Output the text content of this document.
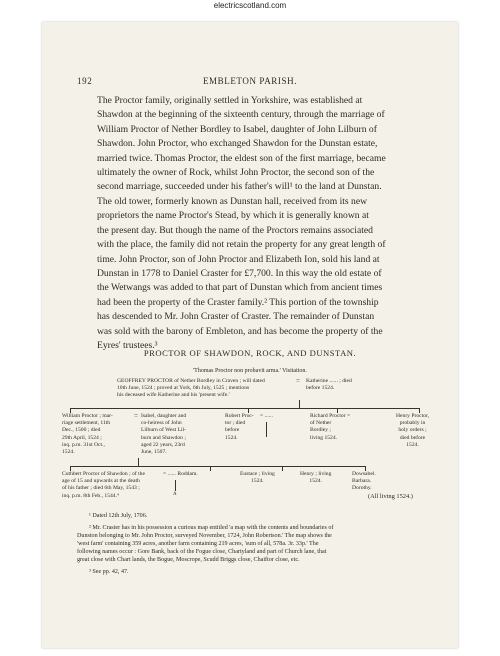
electricscotland.com
192	EMBLETON PARISH.
The Proctor family, originally settled in Yorkshire, was established at
Shawdon at the beginning of the sixteenth century, through the marriage of
William Proctor of Nether Bordley to Isabel, daughter of John Lilburn of
Shawdon. John Proctor, who exchanged Shawdon for the Dunstan estate,
married twice. Thomas Proctor, the eldest son of the first marriage, became
ultimately the owner of Rock, whilst John Proctor, the second son of the
second marriage, succeeded under his father's will¹ to the land at Dunstan.
The old tower, formerly known as Dunstan hall, received from its new
proprietors the name Proctor's Stead, by which it is generally known at
the present day. But though the name of the Proctors remains associated
with the place, the family did not retain the property for any great length of
time. John Proctor, son of John Proctor and Elizabeth Ion, sold his land at
Dunstan in 1778 to Daniel Craster for £7,700. In this way the old estate of
the Wetwangs was added to that part of Dunstan which from ancient times
had been the property of the Craster family.² This portion of the township
has descended to Mr. John Craster of Craster. The remainder of Dunstan
was sold with the barony of Embleton, and has become the property of the
Eyres' trustees.³
PROCTOR OF SHAWDON, ROCK, AND DUNSTAN.
'Thomas Proctor non probavit arma.' Visitation.
GEOFFREY PROCTOR of Nether Bordley in Craven ; will dated
10th June, 1524 ; proved at York, 6th July, 1525 ; mentions
his deceased wife Katherine and his 'present wife.'
= Katherine ...... ; died
before 1524.
William Proctor ; mar-
riage settlement, 11th
Dec., 1500 ; died
29th April, 1524 ;
inq. p.m. 31st Oct.,
1524.
= Isabel, daughter and
co-heiress of John
Lilburn of West Lil-
burn and Shawdon ;
aged 22 years, 23rd
June, 1507.
Robert Proc-
tor ; died
before
1524.
= ......	Richard Proctor =
of Nether
Bordley ;
living 1524.
Henry Proctor,
probably in
holy orders ;
died before
1524.
Cuthbert Proctor of Shawdon ; of the
age of 15 and upwards at the death
of his father ; died 6th May, 1543 ;
inq. p.m. 8th Feb., 1544.⁴
= ...... Roddam.
A
Eustace ; living
1524.
Henry ; living
1524.
Dowsabel.
Barbara.
Dorothy.
(All living 1524.)
¹ Dated 12th July, 1706.
² Mr. Craster has in his possession a curious map entitled 'a map with the contents and boundaries of
Dunston belonging to Mr. John Proctor, surveyed November, 1724, John Robertson.' The map shows the
'west farm' containing 359 acres, another farm containing 219 acres, 'sum of all, 578a. 3r. 33p.' The
following names occur : Gore Bank, back of the Fogue close, Chartyland and part of Church lane, that
great close with Chart lands, the Bogue, Moscrope, Scudd Briggs close, Chaiftor close, etc.
³ See pp. 42, 47.
